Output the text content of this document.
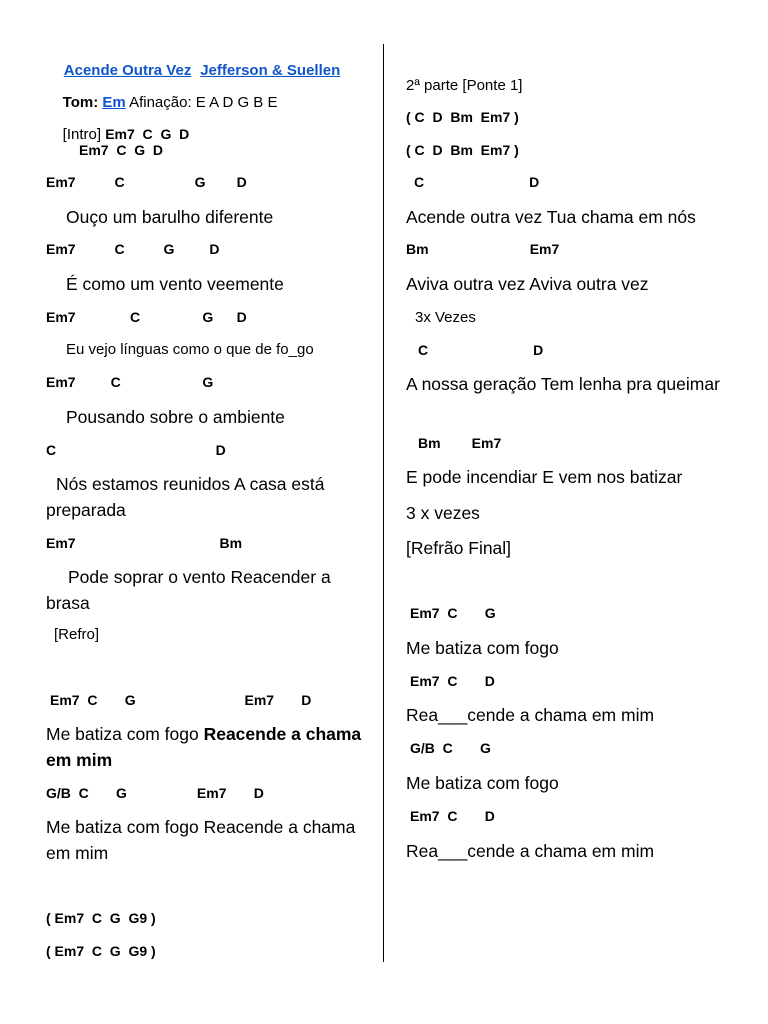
Acende Outra Vez Jefferson & Suellen

Tom: Em Afinação: E A D G B E

[Intro] Em7  C  G  D

Em7  C  G  D
Em7          C                  G        D
Ouço um barulho diferente
Em7          C          G         D
É como um vento veemente
Em7              C                G      D
Eu vejo línguas como o que de fo_go
Em7         C                     G
Pousando sobre o ambiente
C                                         D
Nós estamos reunidos A casa está preparada
Em7                                     Bm
Pode soprar o vento Reacender a brasa
[Refro]
Em7  C       G                            Em7       D
Me batiza com fogo Reacende a chama em mim
G/B  C       G                  Em7       D
Me batiza com fogo Reacende a chama em mim
( Em7  C  G  G9 )
( Em7  C  G  G9 )
2ª parte [Ponte 1]
( C  D  Bm  Em7 )
( C  D  Bm  Em7 )
C                           D
Acende outra vez Tua chama em nós
Bm                          Em7
Aviva outra vez Aviva outra vez
3x Vezes
C                           D
A nossa geração Tem lenha pra queimar
Bm        Em7
E pode incendiar E vem nos batizar
3 x vezes
[Refrão Final]
Em7  C       G
Me batiza com fogo
Em7  C       D
Rea___cende a chama em mim
G/B  C       G
Me batiza com fogo
Em7  C       D
Rea___cende a chama em mim
